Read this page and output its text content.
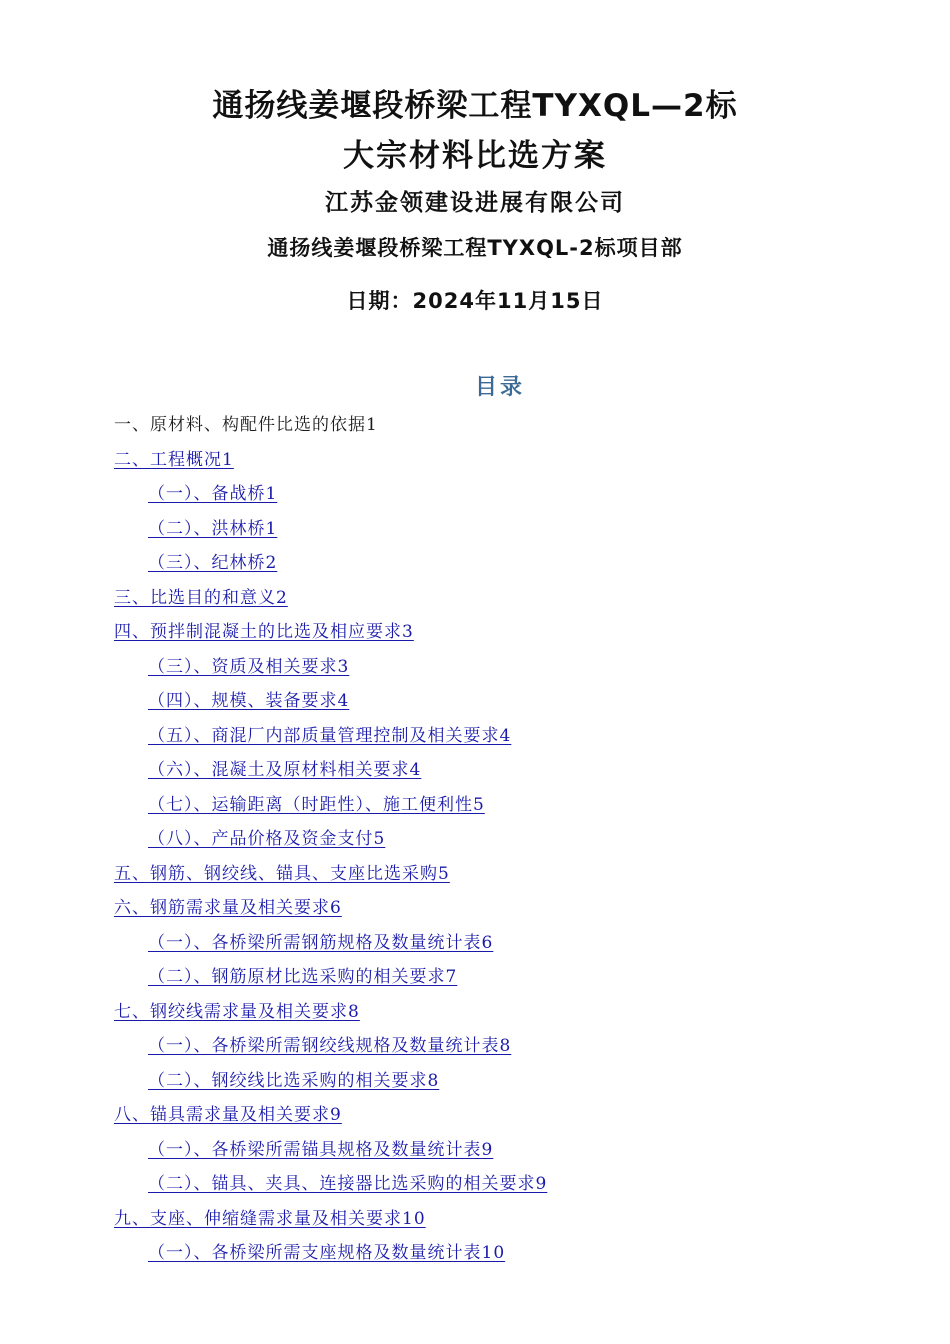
通扬线姜堰段桥梁工程TYXQL—2标
大宗材料比选方案
江苏金领建设进展有限公司
通扬线姜堰段桥梁工程TYXQL-2标项目部
日期：2024年11月15日
目录
一、原材料、构配件比选的依据1
二、工程概况1
（一）、备战桥1
（二）、洪林桥1
（三）、纪林桥2
三、比选目的和意义2
四、预拌制混凝土的比选及相应要求3
（三）、资质及相关要求3
（四）、规模、装备要求4
（五）、商混厂内部质量管理控制及相关要求4
（六）、混凝土及原材料相关要求4
（七）、运输距离（时距性）、施工便利性5
（八）、产品价格及资金支付5
五、钢筋、钢绞线、锚具、支座比选采购5
六、钢筋需求量及相关要求6
（一）、各桥梁所需钢筋规格及数量统计表6
（二）、钢筋原材比选采购的相关要求7
七、钢绞线需求量及相关要求8
（一）、各桥梁所需钢绞线规格及数量统计表8
（二）、钢绞线比选采购的相关要求8
八、锚具需求量及相关要求9
（一）、各桥梁所需锚具规格及数量统计表9
（二）、锚具、夹具、连接器比选采购的相关要求9
九、支座、伸缩缝需求量及相关要求10
（一）、各桥梁所需支座规格及数量统计表10
